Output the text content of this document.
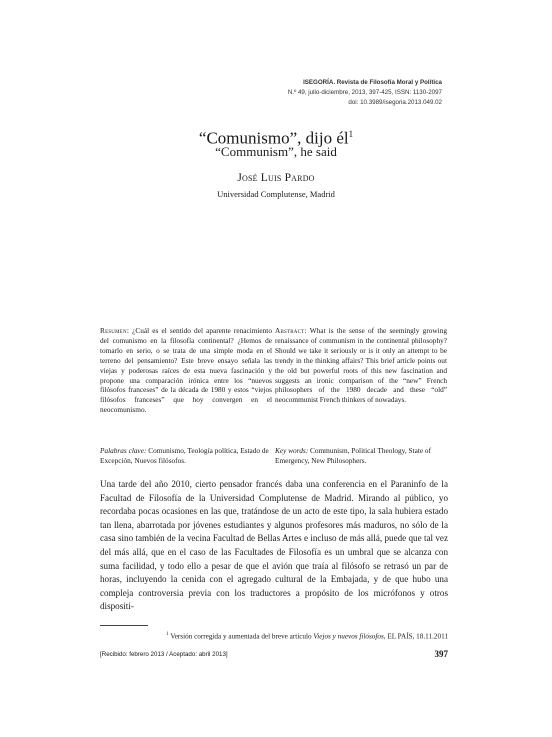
ISEGORÍA. Revista de Filosofía Moral y Política
N.º 49, julio-diciembre, 2013, 397-425, ISSN: 1130-2097
doi: 10.3989/isegoria.2013.049.02
“Comunismo”, dijo $él^1$
“Communism”, he said
José Luis Pardo
Universidad Complutense, Madrid
Resumen: ¿Cuál es el sentido del aparente renacimiento del comunismo en la filosofía continental? ¿Hemos de tomarlo en serio, o se trata de una simple moda en el terreno del pensamiento? Este breve ensayo señala las viejas y poderosas raíces de esta nueva fascinación y propone una comparación irónica entre los “nuevos filósofos franceses” de la década de 1980 y estos “viejos filósofos franceses” que hoy convergen en el neocomunismo.
Abstract: What is the sense of the seemingly growing renaissance of communism in the continental philosophy? Should we take it seriously or is it only an attempt to be trendy in the thinking affairs? This brief article points out the old but powerful roots of this new fascination and suggests an ironic comparison of the “new” French philosophers of the 1980 decade and these “old” neocommunist French thinkers of nowadays.
Palabras clave: Comunismo, Teología política, Estado de Excepción, Nuevos filósofos.
Key words: Communism, Political Theology, State of Emergency, New Philosophers.

Una tarde del año 2010, cierto pensador francés daba una conferencia en el Paraninfo de la Facultad de Filosofía de la Universidad Complutense de Madrid. Mirando al público, yo recordaba pocas ocasiones en las que, tratándose de un acto de este tipo, la sala hubiera estado tan llena, abarrotada por jóvenes estudiantes y algunos profesores más maduros, no sólo de la casa sino también de la vecina Facultad de Bellas Artes e incluso de más allá, puede que tal vez del más allá, que en el caso de las Facultades de Filosofía es un umbral que se alcanza con suma facilidad, y todo ello a pesar de que el avión que traía al filósofo se retrasó un par de horas, incluyendo la cenida con el agregado cultural de la Embajada, y de que hubo una compleja controversia previa con los traductores a propósito de los micrófonos y otros dispositi-

$^1$ Versión corregida y aumentada del breve artículo Viejos y nuevos filósofos, EL PAÍS, 18.11.2011
[Recibido: febrero 2013 / Aceptado: abril 2013]	397
